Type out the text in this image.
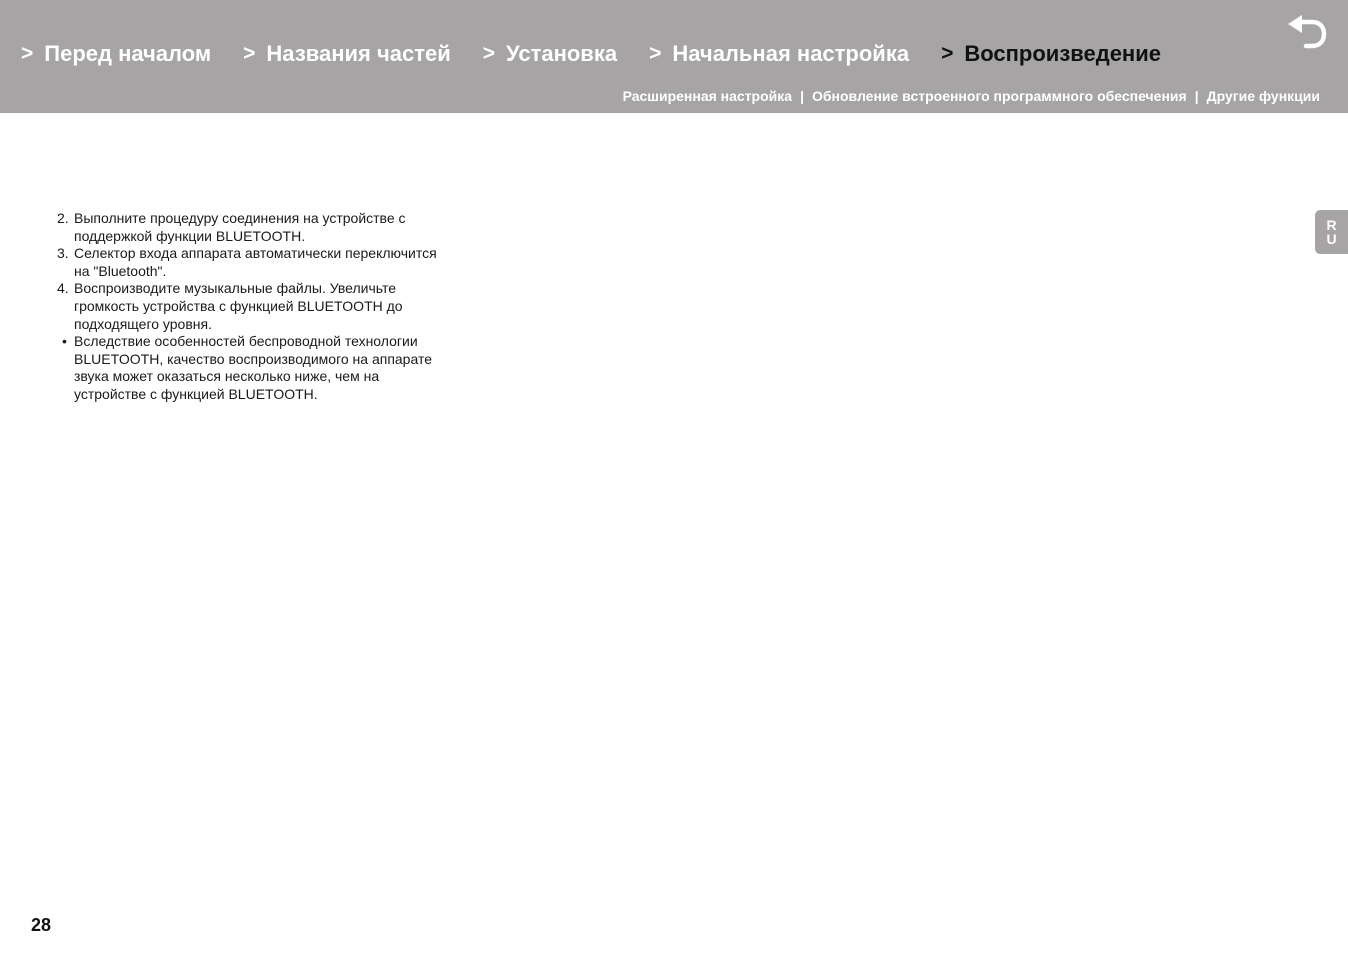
> Перед началом > Названия частей > Установка > Начальная настройка > Воспроизведение
Расширенная настройка | Обновление встроенного программного обеспечения | Другие функции
R
U
2. Выполните процедуру соединения на устройстве с поддержкой функции BLUETOOTH.
3. Селектор входа аппарата автоматически переключится на "Bluetooth".
4. Воспроизводите музыкальные файлы. Увеличьте громкость устройства с функцией BLUETOOTH до подходящего уровня.
• Вследствие особенностей беспроводной технологии BLUETOOTH, качество воспроизводимого на аппарате звука может оказаться несколько ниже, чем на устройстве с функцией BLUETOOTH.
28
